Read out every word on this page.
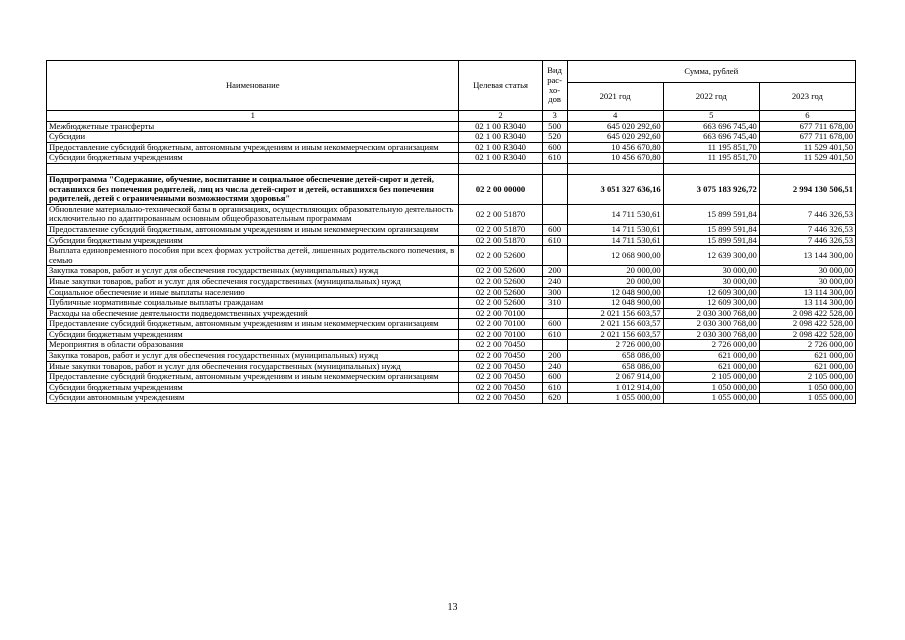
Наименование	Целевая статья	Вид рас- хо- дов	Сумма, рублей		
			2021 год	2022 год	2023 год
1	2	3	4	5	6
Межбюджетные трансферты	02 1 00 R3040	500	645 020 292,60	663 696 745,40	677 711 678,00
Субсидии	02 1 00 R3040	520	645 020 292,60	663 696 745,40	677 711 678,00
Предоставление субсидий бюджетным, автономным учреждениям и иным некоммерческим организациям	02 1 00 R3040	600	10 456 670,80	11 195 851,70	11 529 401,50
Субсидии бюджетным учреждениям	02 1 00 R3040	610	10 456 670,80	11 195 851,70	11 529 401,50

Подпрограмма "Содержание, обучение, воспитание и социальное обеспечение детей-сирот и детей, оставшихся без попечения родителей, лиц из числа детей-сирот и детей, оставшихся без попечения родителей, детей с ограниченными возможностями здоровья"	02 2 00 00000		3 051 327 636,16	3 075 183 926,72	2 994 130 506,51
Обновление материально-технической базы в организациях, осуществляющих образовательную деятельность исключительно по адаптированным основным общеобразовательным программам	02 2 00 51870		14 711 530,61	15 899 591,84	7 446 326,53
Предоставление субсидий бюджетным, автономным учреждениям и иным некоммерческим организациям	02 2 00 51870	600	14 711 530,61	15 899 591,84	7 446 326,53
Субсидии бюджетным учреждениям	02 2 00 51870	610	14 711 530,61	15 899 591,84	7 446 326,53
Выплата единовременного пособия при всех формах устройства детей, лишенных родительского попечения, в семью	02 2 00 52600		12 068 900,00	12 639 300,00	13 144 300,00
Закупка товаров, работ и услуг для обеспечения государственных (муниципальных) нужд	02 2 00 52600	200	20 000,00	30 000,00	30 000,00
Иные закупки товаров, работ и услуг для обеспечения государственных (муниципальных) нужд	02 2 00 52600	240	20 000,00	30 000,00	30 000,00
Социальное обеспечение и иные выплаты населению	02 2 00 52600	300	12 048 900,00	12 609 300,00	13 114 300,00
Публичные нормативные социальные выплаты гражданам	02 2 00 52600	310	12 048 900,00	12 609 300,00	13 114 300,00
Расходы на обеспечение деятельности подведомственных учреждений	02 2 00 70100		2 021 156 603,57	2 030 300 768,00	2 098 422 528,00
Предоставление субсидий бюджетным, автономным учреждениям и иным некоммерческим организациям	02 2 00 70100	600	2 021 156 603,57	2 030 300 768,00	2 098 422 528,00
Субсидии бюджетным учреждениям	02 2 00 70100	610	2 021 156 603,57	2 030 300 768,00	2 098 422 528,00
Мероприятия в области образования	02 2 00 70450		2 726 000,00	2 726 000,00	2 726 000,00
Закупка товаров, работ и услуг для обеспечения государственных (муниципальных) нужд	02 2 00 70450	200	658 086,00	621 000,00	621 000,00
Иные закупки товаров, работ и услуг для обеспечения государственных (муниципальных) нужд	02 2 00 70450	240	658 086,00	621 000,00	621 000,00
Предоставление субсидий бюджетным, автономным учреждениям и иным некоммерческим организациям	02 2 00 70450	600	2 067 914,00	2 105 000,00	2 105 000,00
Субсидии бюджетным учреждениям	02 2 00 70450	610	1 012 914,00	1 050 000,00	1 050 000,00
Субсидии автономным учреждениям	02 2 00 70450	620	1 055 000,00	1 055 000,00	1 055 000,00
13
